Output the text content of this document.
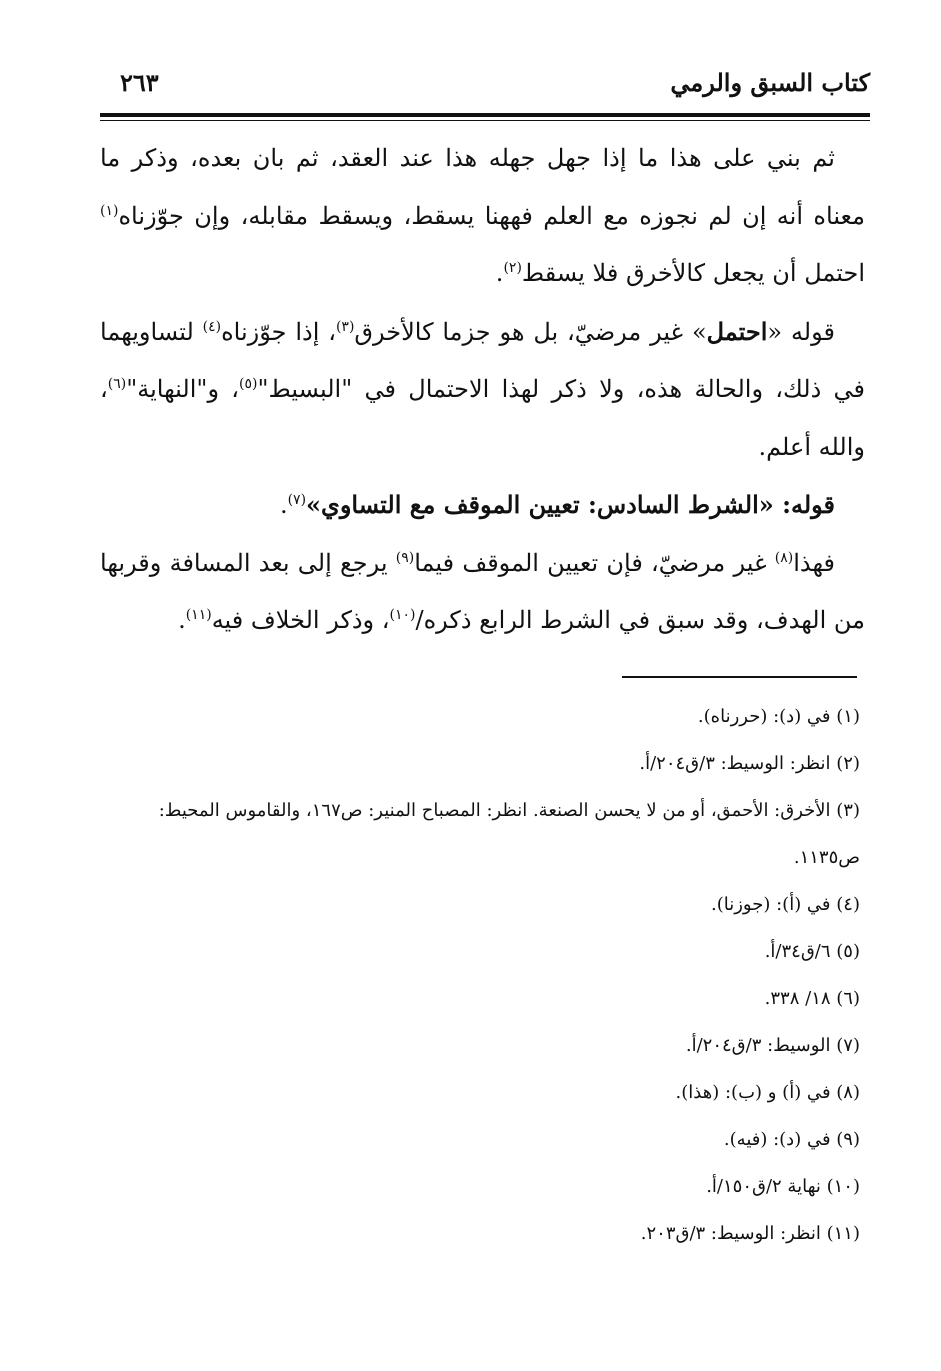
٢٦٣	كتاب السبق والرمي

ثم بني على هذا ما إذا جهل جهله هذا عند العقد، ثم بان بعده، وذكر ما معناه أنه إن لم نجوزه مع العلم فههنا يسقط، ويسقط مقابله، وإن جوّزناه$^{(١)}$ احتمل أن يجعل كالأخرق فلا يسقط$^{(٢)}$.

قوله «احتمل» غير مرضيّ، بل هو جزما كالأخرق$^{(٣)}$، إذا جوّزناه$^{(٤)}$ لتساويهما في ذلك، والحالة هذه، ولا ذكر لهذا الاحتمال في "البسيط"$^{(٥)}$، و"النهاية"$^{(٦)}$، والله أعلم.

قوله: «الشرط السادس: تعيين الموقف مع التساوي»$^{(٧)}$.

فهذا$^{(٨)}$ غير مرضيّ، فإن تعيين الموقف فيما$^{(٩)}$ يرجع إلى بعد المسافة وقربها من الهدف، وقد سبق في الشرط الرابع ذكره/$^{(١٠)}$، وذكر الخلاف فيه$^{(١١)}$.

(١) في (د): (حررناه).

(٢) انظر: الوسيط: ٣/ق٢٠٤/أ.

(٣) الأخرق: الأحمق، أو من لا يحسن الصنعة. انظر: المصباح المنير: ص١٦٧، والقاموس المحيط: ص١١٣٥.

(٤) في (أ): (جوزنا).

(٥) ٦/ق٣٤/أ.

(٦) ١٨/ ٣٣٨.

(٧) الوسيط: ٣/ق٢٠٤/أ.

(٨) في (أ) و (ب): (هذا).

(٩) في (د): (فيه).

(١٠) نهاية ٢/ق١٥٠/أ.

(١١) انظر: الوسيط: ٣/ق٢٠٣.
